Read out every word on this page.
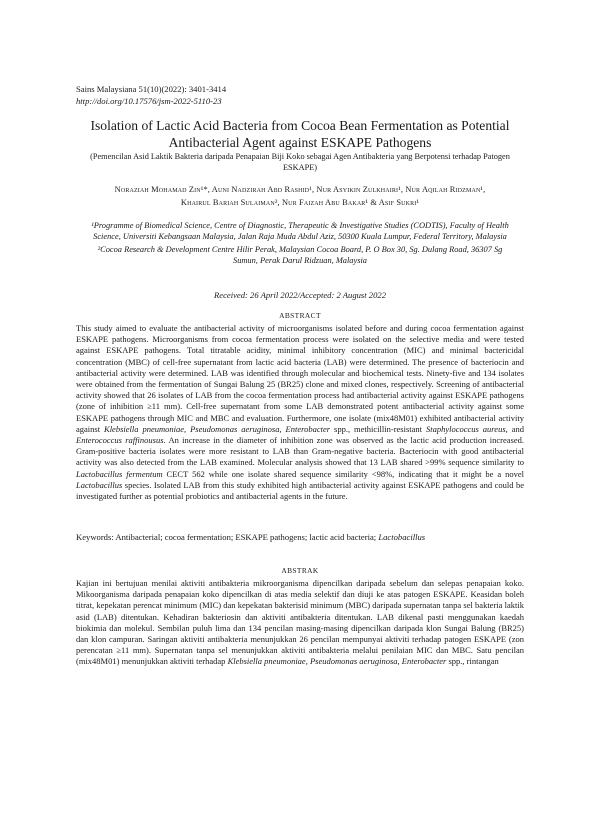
Sains Malaysiana 51(10)(2022): 3401-3414
http://doi.org/10.17576/jsm-2022-5110-23
Isolation of Lactic Acid Bacteria from Cocoa Bean Fermentation as Potential Antibacterial Agent against ESKAPE Pathogens
(Pemencilan Asid Laktik Bakteria daripada Penapaian Biji Koko sebagai Agen Antibakteria yang Berpotensi terhadap Patogen ESKAPE)
Noraziah Mohamad Zin¹*, Auni Nadzirah Abd Rashid¹, Nur Asyikin Zulkhairi¹, Nur Aqilah Ridzman¹,
Khairul Bariah Sulaiman², Nur Faizah Abu Bakar¹ & Asif Sukri¹

¹Programme of Biomedical Science, Centre of Diagnostic, Therapeutic & Investigative Studies (CODTIS), Faculty of Health Science, Universiti Kebangsaan Malaysia, Jalan Raja Muda Abdul Aziz, 50300 Kuala Lumpur, Federal Territory, Malaysia

²Cocoa Research & Development Centre Hilir Perak, Malaysian Cocoa Board, P. O Box 30, Sg. Dulang Road, 36307 Sg Sumun, Perak Darul Ridzuan, Malaysia

Received: 26 April 2022/Accepted: 2 August 2022
ABSTRACT

This study aimed to evaluate the antibacterial activity of microorganisms isolated before and during cocoa fermentation against ESKAPE pathogens. Microorganisms from cocoa fermentation process were isolated on the selective media and were tested against ESKAPE pathogens. Total titratable acidity, minimal inhibitory concentration (MIC) and minimal bactericidal concentration (MBC) of cell-free supernatant from lactic acid bacteria (LAB) were determined. The presence of bacteriocin and antibacterial activity were determined. LAB was identified through molecular and biochemical tests. Ninety-five and 134 isolates were obtained from the fermentation of Sungai Balung 25 (BR25) clone and mixed clones, respectively. Screening of antibacterial activity showed that 26 isolates of LAB from the cocoa fermentation process had antibacterial activity against ESKAPE pathogens (zone of inhibition ≥11 mm). Cell-free supernatant from some LAB demonstrated potent antibacterial activity against some ESKAPE pathogens through MIC and MBC and evaluation. Furthermore, one isolate (mix48M01) exhibited antibacterial activity against Klebsiella pneumoniae, Pseudomonas aeruginosa, Enterobacter spp., methicillin-resistant Staphylococcus aureus, and Enterococcus raffinousus. An increase in the diameter of inhibition zone was observed as the lactic acid production increased. Gram-positive bacteria isolates were more resistant to LAB than Gram-negative bacteria. Bacteriocin with good antibacterial activity was also detected from the LAB examined. Molecular analysis showed that 13 LAB shared >99% sequence similarity to Lactobacillus fermentum CECT 562 while one isolate shared sequence similarity <98%, indicating that it might be a novel Lactobacillus species. Isolated LAB from this study exhibited high antibacterial activity against ESKAPE pathogens and could be investigated further as potential probiotics and antibacterial agents in the future.

Keywords: Antibacterial; cocoa fermentation; ESKAPE pathogens; lactic acid bacteria; Lactobacillus
ABSTRAK

Kajian ini bertujuan menilai aktiviti antibakteria mikroorganisma dipencilkan daripada sebelum dan selepas penapaian koko. Mikoorganisma daripada penapaian koko dipencilkan di atas media selektif dan diuji ke atas patogen ESKAPE. Keasidan boleh titrat, kepekatan perencat minimum (MIC) dan kepekatan bakterisid minimum (MBC) daripada supernatan tanpa sel bakteria laktik asid (LAB) ditentukan. Kehadiran bakteriosin dan aktiviti antibakteria ditentukan. LAB dikenal pasti menggunakan kaedah biokimia dan molekul. Sembilan puluh lima dan 134 pencilan masing-masing dipencilkan daripada klon Sungai Balung (BR25) dan klon campuran. Saringan aktiviti antibakteria menunjukkan 26 pencilan mempunyai aktiviti terhadap patogen ESKAPE (zon perencatan ≥11 mm). Supernatan tanpa sel menunjukkan aktiviti antibakteria melalui penilaian MIC dan MBC. Satu pencilan (mix48M01) menunjukkan aktiviti terhadap Klebsiella pneumoniae, Pseudomonas aeruginosa, Enterobacter spp., rintangan
